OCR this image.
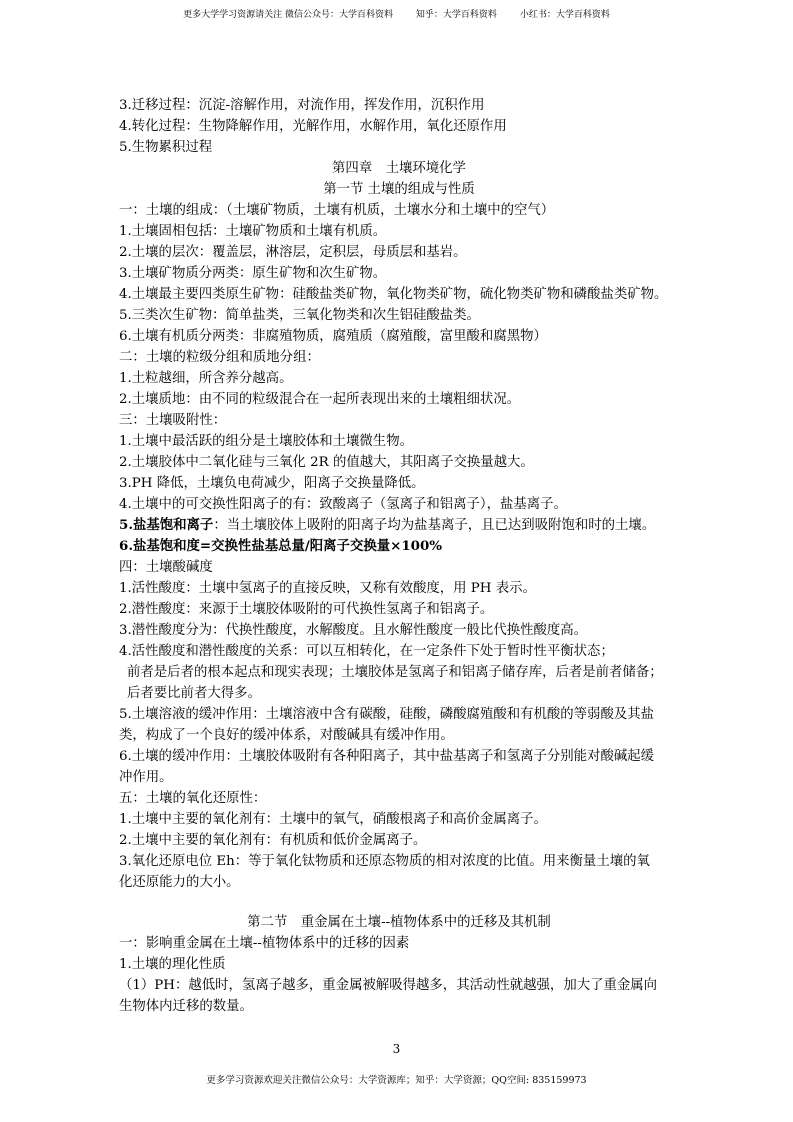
更多大学学习资源请关注 微信公众号：大学百科资料	知乎：大学百科资料	小红书：大学百科资料
3.迁移过程：沉淀-溶解作用，对流作用，挥发作用，沉积作用
4.转化过程：生物降解作用，光解作用，水解作用，氧化还原作用
5.生物累积过程
第四章　土壤环境化学
第一节 土壤的组成与性质
一：土壤的组成：（土壤矿物质，土壤有机质，土壤水分和土壤中的空气）
1.土壤固相包括：土壤矿物质和土壤有机质。
2.土壤的层次：覆盖层，淋溶层，定积层，母质层和基岩。
3.土壤矿物质分两类：原生矿物和次生矿物。
4.土壤最主要四类原生矿物：硅酸盐类矿物，氧化物类矿物，硫化物类矿物和磷酸盐类矿物。
5.三类次生矿物：简单盐类，三氧化物类和次生铝硅酸盐类。
6.土壤有机质分两类：非腐殖物质，腐殖质（腐殖酸，富里酸和腐黑物）
二：土壤的粒级分组和质地分组：
1.土粒越细，所含养分越高。
2.土壤质地：由不同的粒级混合在一起所表现出来的土壤粗细状况。
三：土壤吸附性：
1.土壤中最活跃的组分是土壤胶体和土壤微生物。
2.土壤胶体中二氧化硅与三氧化 2R 的值越大，其阳离子交换量越大。
3.PH 降低，土壤负电荷减少，阳离子交换量降低。
4.土壤中的可交换性阳离子的有：致酸离子（氢离子和铝离子），盐基离子。
5.盐基饱和离子：当土壤胶体上吸附的阳离子均为盐基离子，且已达到吸附饱和时的土壤。
6.盐基饱和度=交换性盐基总量/阳离子交换量×100%
四：土壤酸碱度
1.活性酸度：土壤中氢离子的直接反映，又称有效酸度，用 PH 表示。
2.潜性酸度：来源于土壤胶体吸附的可代换性氢离子和铝离子。
3.潜性酸度分为：代换性酸度，水解酸度。且水解性酸度一般比代换性酸度高。
4.活性酸度和潜性酸度的关系：可以互相转化，在一定条件下处于暂时性平衡状态；
前者是后者的根本起点和现实表现；土壤胶体是氢离子和铝离子储存库，后者是前者储备；
后者要比前者大得多。
5.土壤溶液的缓冲作用：土壤溶液中含有碳酸，硅酸，磷酸腐殖酸和有机酸的等弱酸及其盐
类，构成了一个良好的缓冲体系，对酸碱具有缓冲作用。
6.土壤的缓冲作用：土壤胶体吸附有各种阳离子，其中盐基离子和氢离子分别能对酸碱起缓
冲作用。
五：土壤的氧化还原性：
1.土壤中主要的氧化剂有：土壤中的氧气，硝酸根离子和高价金属离子。
2.土壤中主要的氧化剂有：有机质和低价金属离子。
3.氧化还原电位 Eh：等于氧化钛物质和还原态物质的相对浓度的比值。用来衡量土壤的氧
化还原能力的大小。
第二节　重金属在土壤--植物体系中的迁移及其机制
一：影响重金属在土壤--植物体系中的迁移的因素
1.土壤的理化性质
（1）PH：越低时，氢离子越多，重金属被解吸得越多，其活动性就越强，加大了重金属向
生物体内迁移的数量。
3
更多学习资源欢迎关注微信公众号：大学资源库；知乎：大学资源；QQ空间: 835159973
